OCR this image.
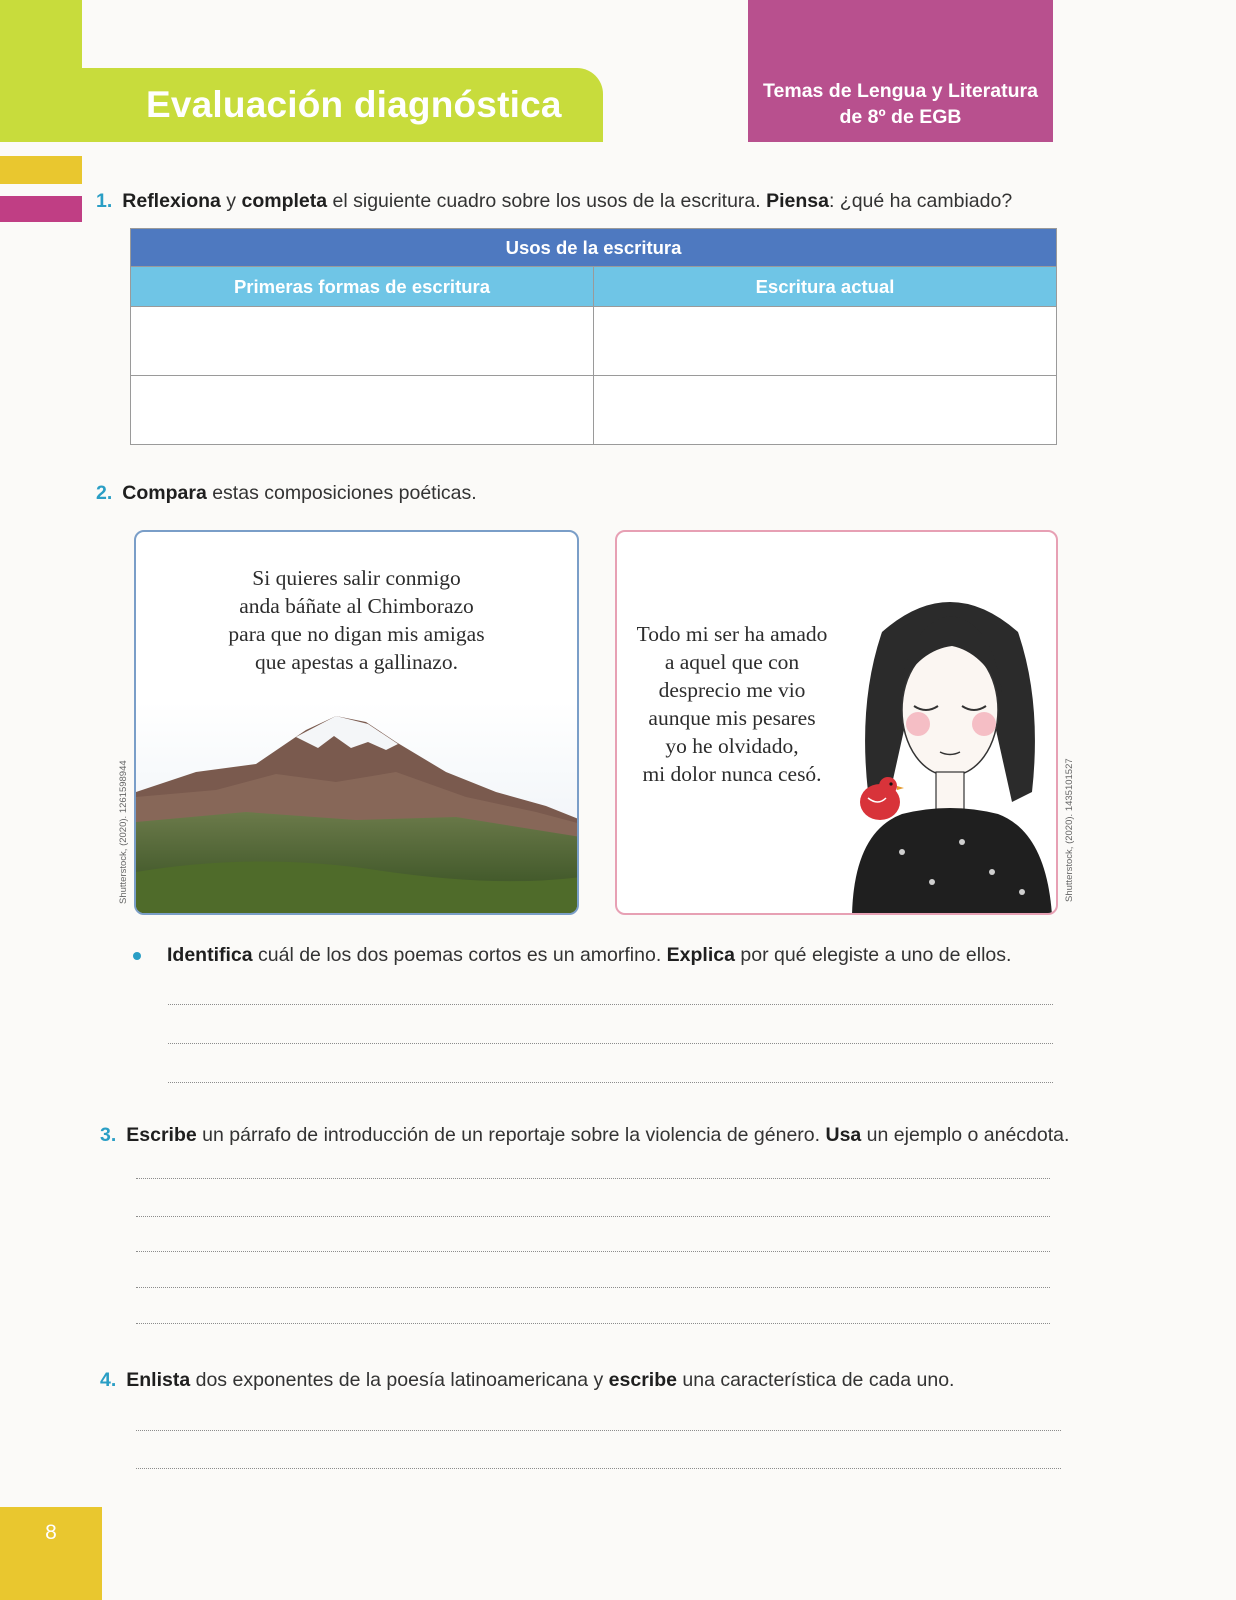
Evaluación diagnóstica	Temas de Lengua y Literatura
de 8º de EGB
1. Reflexiona y completa el siguiente cuadro sobre los usos de la escritura. Piensa: ¿qué ha cambiado?
Usos de la escritura	
Primeras formas de escritura	Escritura actual

2. Compara estas composiciones poéticas.
Si quieres salir conmigo
anda báñate al Chimborazo
para que no digan mis amigas
que apestas a gallinazo.
Shutterstock, (2020). 1261598944
Todo mi ser ha amado
a aquel que con
desprecio me vio
aunque mis pesares
yo he olvidado,
mi dolor nunca cesó.	Shutterstock, (2020). 1435101527
Identifica cuál de los dos poemas cortos es un amorfino. Explica por qué elegiste a uno de ellos.
3. Escribe un párrafo de introducción de un reportaje sobre la violencia de género. Usa un ejemplo o anécdota.
4. Enlista dos exponentes de la poesía latinoamericana y escribe una característica de cada uno.
8
